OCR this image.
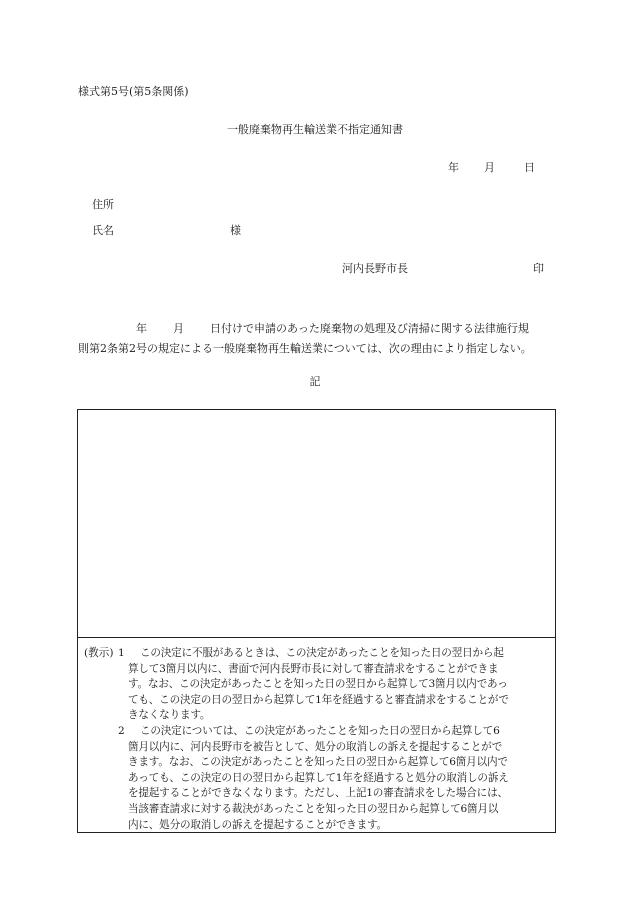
様式第5号(第5条関係)
一般廃棄物再生輸送業不指定通知書
年	月	日
住所
氏名	様
河内長野市長	印
年 月 日付けで申請のあった廃棄物の処理及び清掃に関する法律施行規
則第2条第2号の規定による一般廃棄物再生輸送業については、次の理由により指定しない。
記
(教示) 1	この決定に不服があるときは、この決定があったことを知った日の翌日から起
算して3箇月以内に、書面で河内長野市長に対して審査請求をすることができま
す。なお、この決定があったことを知った日の翌日から起算して3箇月以内であっ
ても、この決定の日の翌日から起算して1年を経過すると審査請求をすることがで
きなくなります。
2	この決定については、この決定があったことを知った日の翌日から起算して6
箇月以内に、河内長野市を被告として、処分の取消しの訴えを提起することがで
きます。なお、この決定があったことを知った日の翌日から起算して6箇月以内で
あっても、この決定の日の翌日から起算して1年を経過すると処分の取消しの訴え
を提起することができなくなります。ただし、上記1の審査請求をした場合には、
当該審査請求に対する裁決があったことを知った日の翌日から起算して6箇月以
内に、処分の取消しの訴えを提起することができます。
